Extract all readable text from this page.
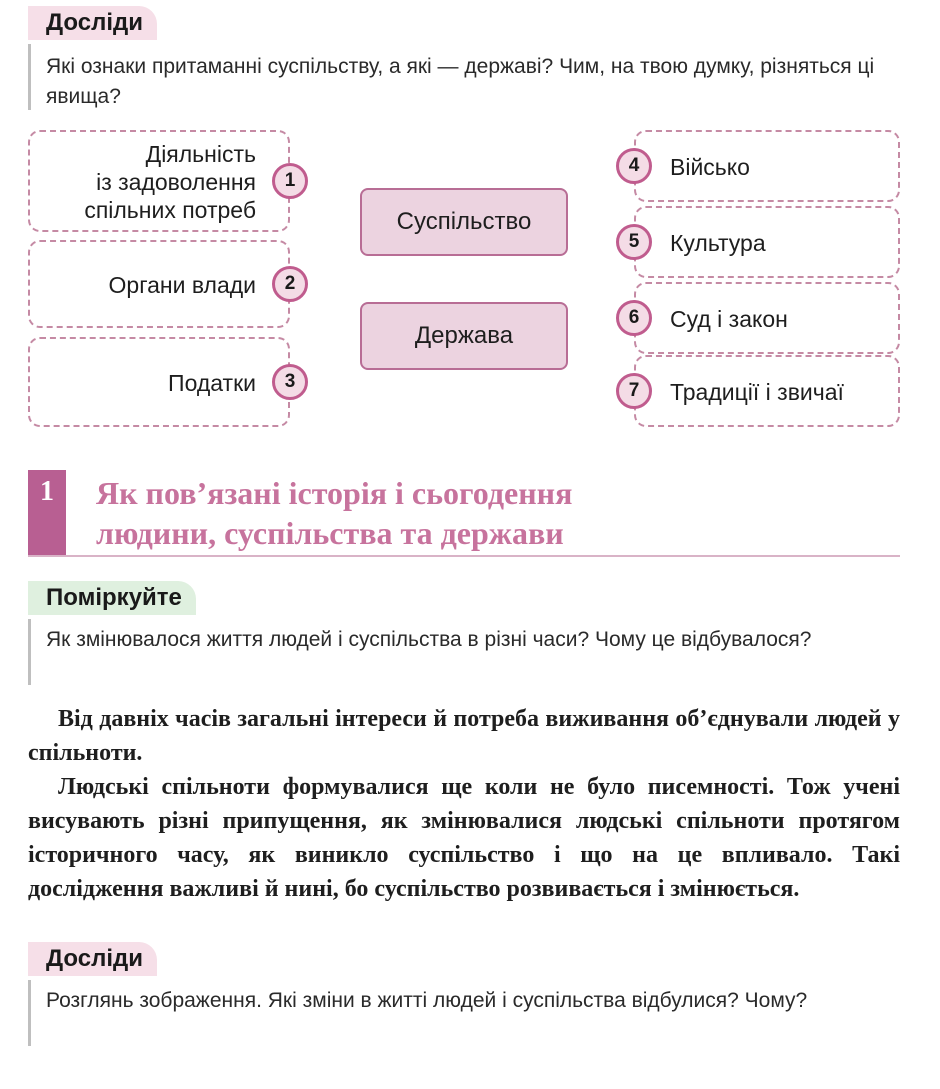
Досліди
Які ознаки притаманні суспільству, а які — державі? Чим, на твою думку, різняться ці явища?
Діяльність
із задоволення
спільних потреб
1
Органи влади	2
Податки	3
Суспільство
Держава
4	Військо
5	Культура
6	Суд і закон
7	Традиції і звичаї
1	Як пов’язані історія і сьогодення
людини, суспільства та держави
Поміркуйте
Як змінювалося життя людей і суспільства в різні часи? Чому це відбувалося?
Від давніх часів загальні інтереси й потреба виживання об’єднували людей у спільноти.
Людські спільноти формувалися ще коли не було писемності. Тож учені висувають різні припущення, як змінювалися людські спільноти протягом історичного часу, як виникло суспільство і що на це впливало. Такі дослідження важливі й нині, бо суспільство розвивається і змінюється.
Досліди
Розглянь зображення. Які зміни в житті людей і суспільства відбулися? Чому?
